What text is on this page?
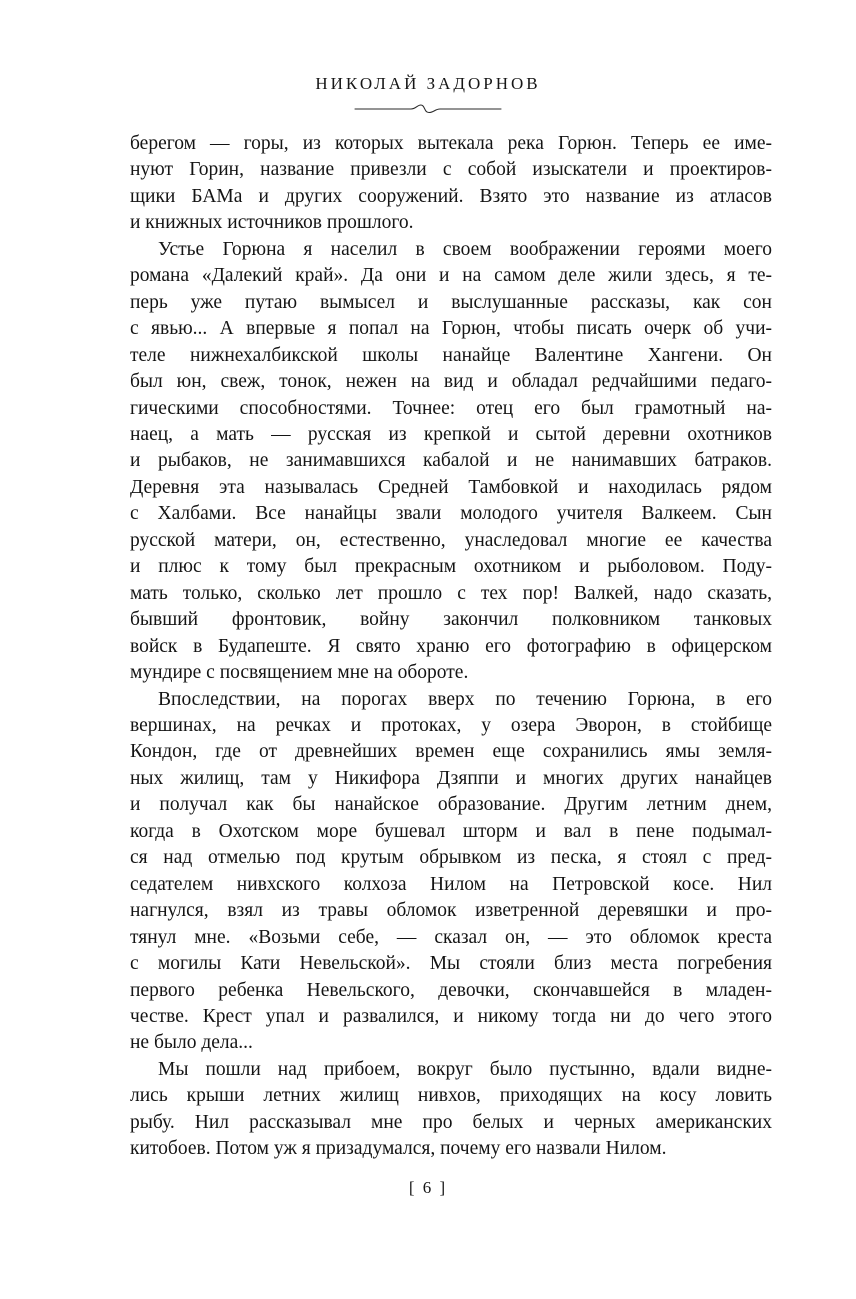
НИКОЛАЙ ЗАДОРНОВ
берегом — горы, из которых вытекала река Горюн. Теперь ее име-
нуют Горин, название привезли с собой изыскатели и проектиров-
щики БАМа и других сооружений. Взято это название из атласов
и книжных источников прошлого.
Устье Горюна я населил в своем воображении героями моего
романа «Далекий край». Да они и на самом деле жили здесь, я те-
перь уже путаю вымысел и выслушанные рассказы, как сон
с явью... А впервые я попал на Горюн, чтобы писать очерк об учи-
теле нижнехалбикской школы нанайце Валентине Хангени. Он
был юн, свеж, тонок, нежен на вид и обладал редчайшими педаго-
гическими способностями. Точнее: отец его был грамотный на-
наец, а мать — русская из крепкой и сытой деревни охотников
и рыбаков, не занимавшихся кабалой и не нанимавших батраков.
Деревня эта называлась Средней Тамбовкой и находилась рядом
с Халбами. Все нанайцы звали молодого учителя Валкеем. Сын
русской матери, он, естественно, унаследовал многие ее качества
и плюс к тому был прекрасным охотником и рыболовом. Поду-
мать только, сколько лет прошло с тех пор! Валкей, надо сказать,
бывший фронтовик, войну закончил полковником танковых
войск в Будапеште. Я свято храню его фотографию в офицерском
мундире с посвящением мне на обороте.
Впоследствии, на порогах вверх по течению Горюна, в его
вершинах, на речках и протоках, у озера Эворон, в стойбище
Кондон, где от древнейших времен еще сохранились ямы земля-
ных жилищ, там у Никифора Дзяппи и многих других нанайцев
и получал как бы нанайское образование. Другим летним днем,
когда в Охотском море бушевал шторм и вал в пене подымал-
ся над отмелью под крутым обрывком из песка, я стоял с пред-
седателем нивхского колхоза Нилом на Петровской косе. Нил
нагнулся, взял из травы обломок изветренной деревяшки и про-
тянул мне. «Возьми себе, — сказал он, — это обломок креста
с могилы Кати Невельской». Мы стояли близ места погребения
первого ребенка Невельского, девочки, скончавшейся в младен-
честве. Крест упал и развалился, и никому тогда ни до чего этого
не было дела...
Мы пошли над прибоем, вокруг было пустынно, вдали видне-
лись крыши летних жилищ нивхов, приходящих на косу ловить
рыбу. Нил рассказывал мне про белых и черных американских
китобоев. Потом уж я призадумался, почему его назвали Нилом.
[ 6 ]
